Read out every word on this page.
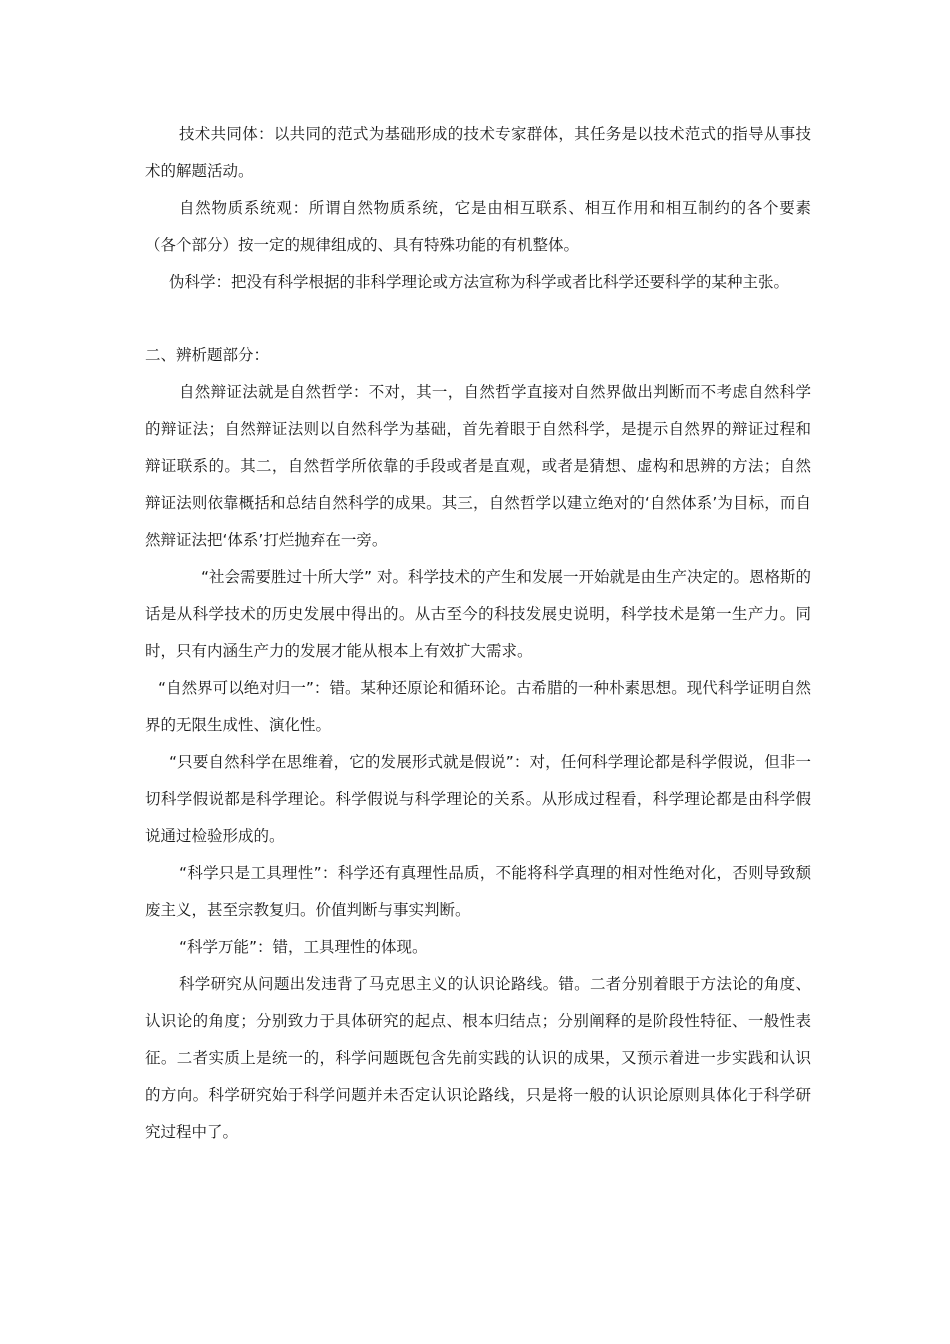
技术共同体：以共同的范式为基础形成的技术专家群体，其任务是以技术范式的指导从事技术的解题活动。

自然物质系统观：所谓自然物质系统，它是由相互联系、相互作用和相互制约的各个要素（各个部分）按一定的规律组成的、具有特殊功能的有机整体。

伪科学：把没有科学根据的非科学理论或方法宣称为科学或者比科学还要科学的某种主张。

二、辨析题部分：

自然辩证法就是自然哲学：不对，其一，自然哲学直接对自然界做出判断而不考虑自然科学的辩证法；自然辩证法则以自然科学为基础，首先着眼于自然科学，是提示自然界的辩证过程和辩证联系的。其二，自然哲学所依靠的手段或者是直观，或者是猜想、虚构和思辨的方法；自然辩证法则依靠概括和总结自然科学的成果。其三，自然哲学以建立绝对的‘自然体系’为目标，而自然辩证法把‘体系’打烂抛弃在一旁。

“社会需要胜过十所大学” 对。科学技术的产生和发展一开始就是由生产决定的。恩格斯的话是从科学技术的历史发展中得出的。从古至今的科技发展史说明，科学技术是第一生产力。同时，只有内涵生产力的发展才能从根本上有效扩大需求。

“自然界可以绝对归一”：错。某种还原论和循环论。古希腊的一种朴素思想。现代科学证明自然界的无限生成性、演化性。

“只要自然科学在思维着，它的发展形式就是假说”：对，任何科学理论都是科学假说，但非一切科学假说都是科学理论。科学假说与科学理论的关系。从形成过程看，科学理论都是由科学假说通过检验形成的。

“科学只是工具理性”：科学还有真理性品质，不能将科学真理的相对性绝对化，否则导致颓废主义，甚至宗教复归。价值判断与事实判断。

“科学万能”：错，工具理性的体现。

科学研究从问题出发违背了马克思主义的认识论路线。错。二者分别着眼于方法论的角度、认识论的角度；分别致力于具体研究的起点、根本归结点；分别阐释的是阶段性特征、一般性表征。二者实质上是统一的，科学问题既包含先前实践的认识的成果，又预示着进一步实践和认识的方向。科学研究始于科学问题并未否定认识论路线，只是将一般的认识论原则具体化于科学研究过程中了。
